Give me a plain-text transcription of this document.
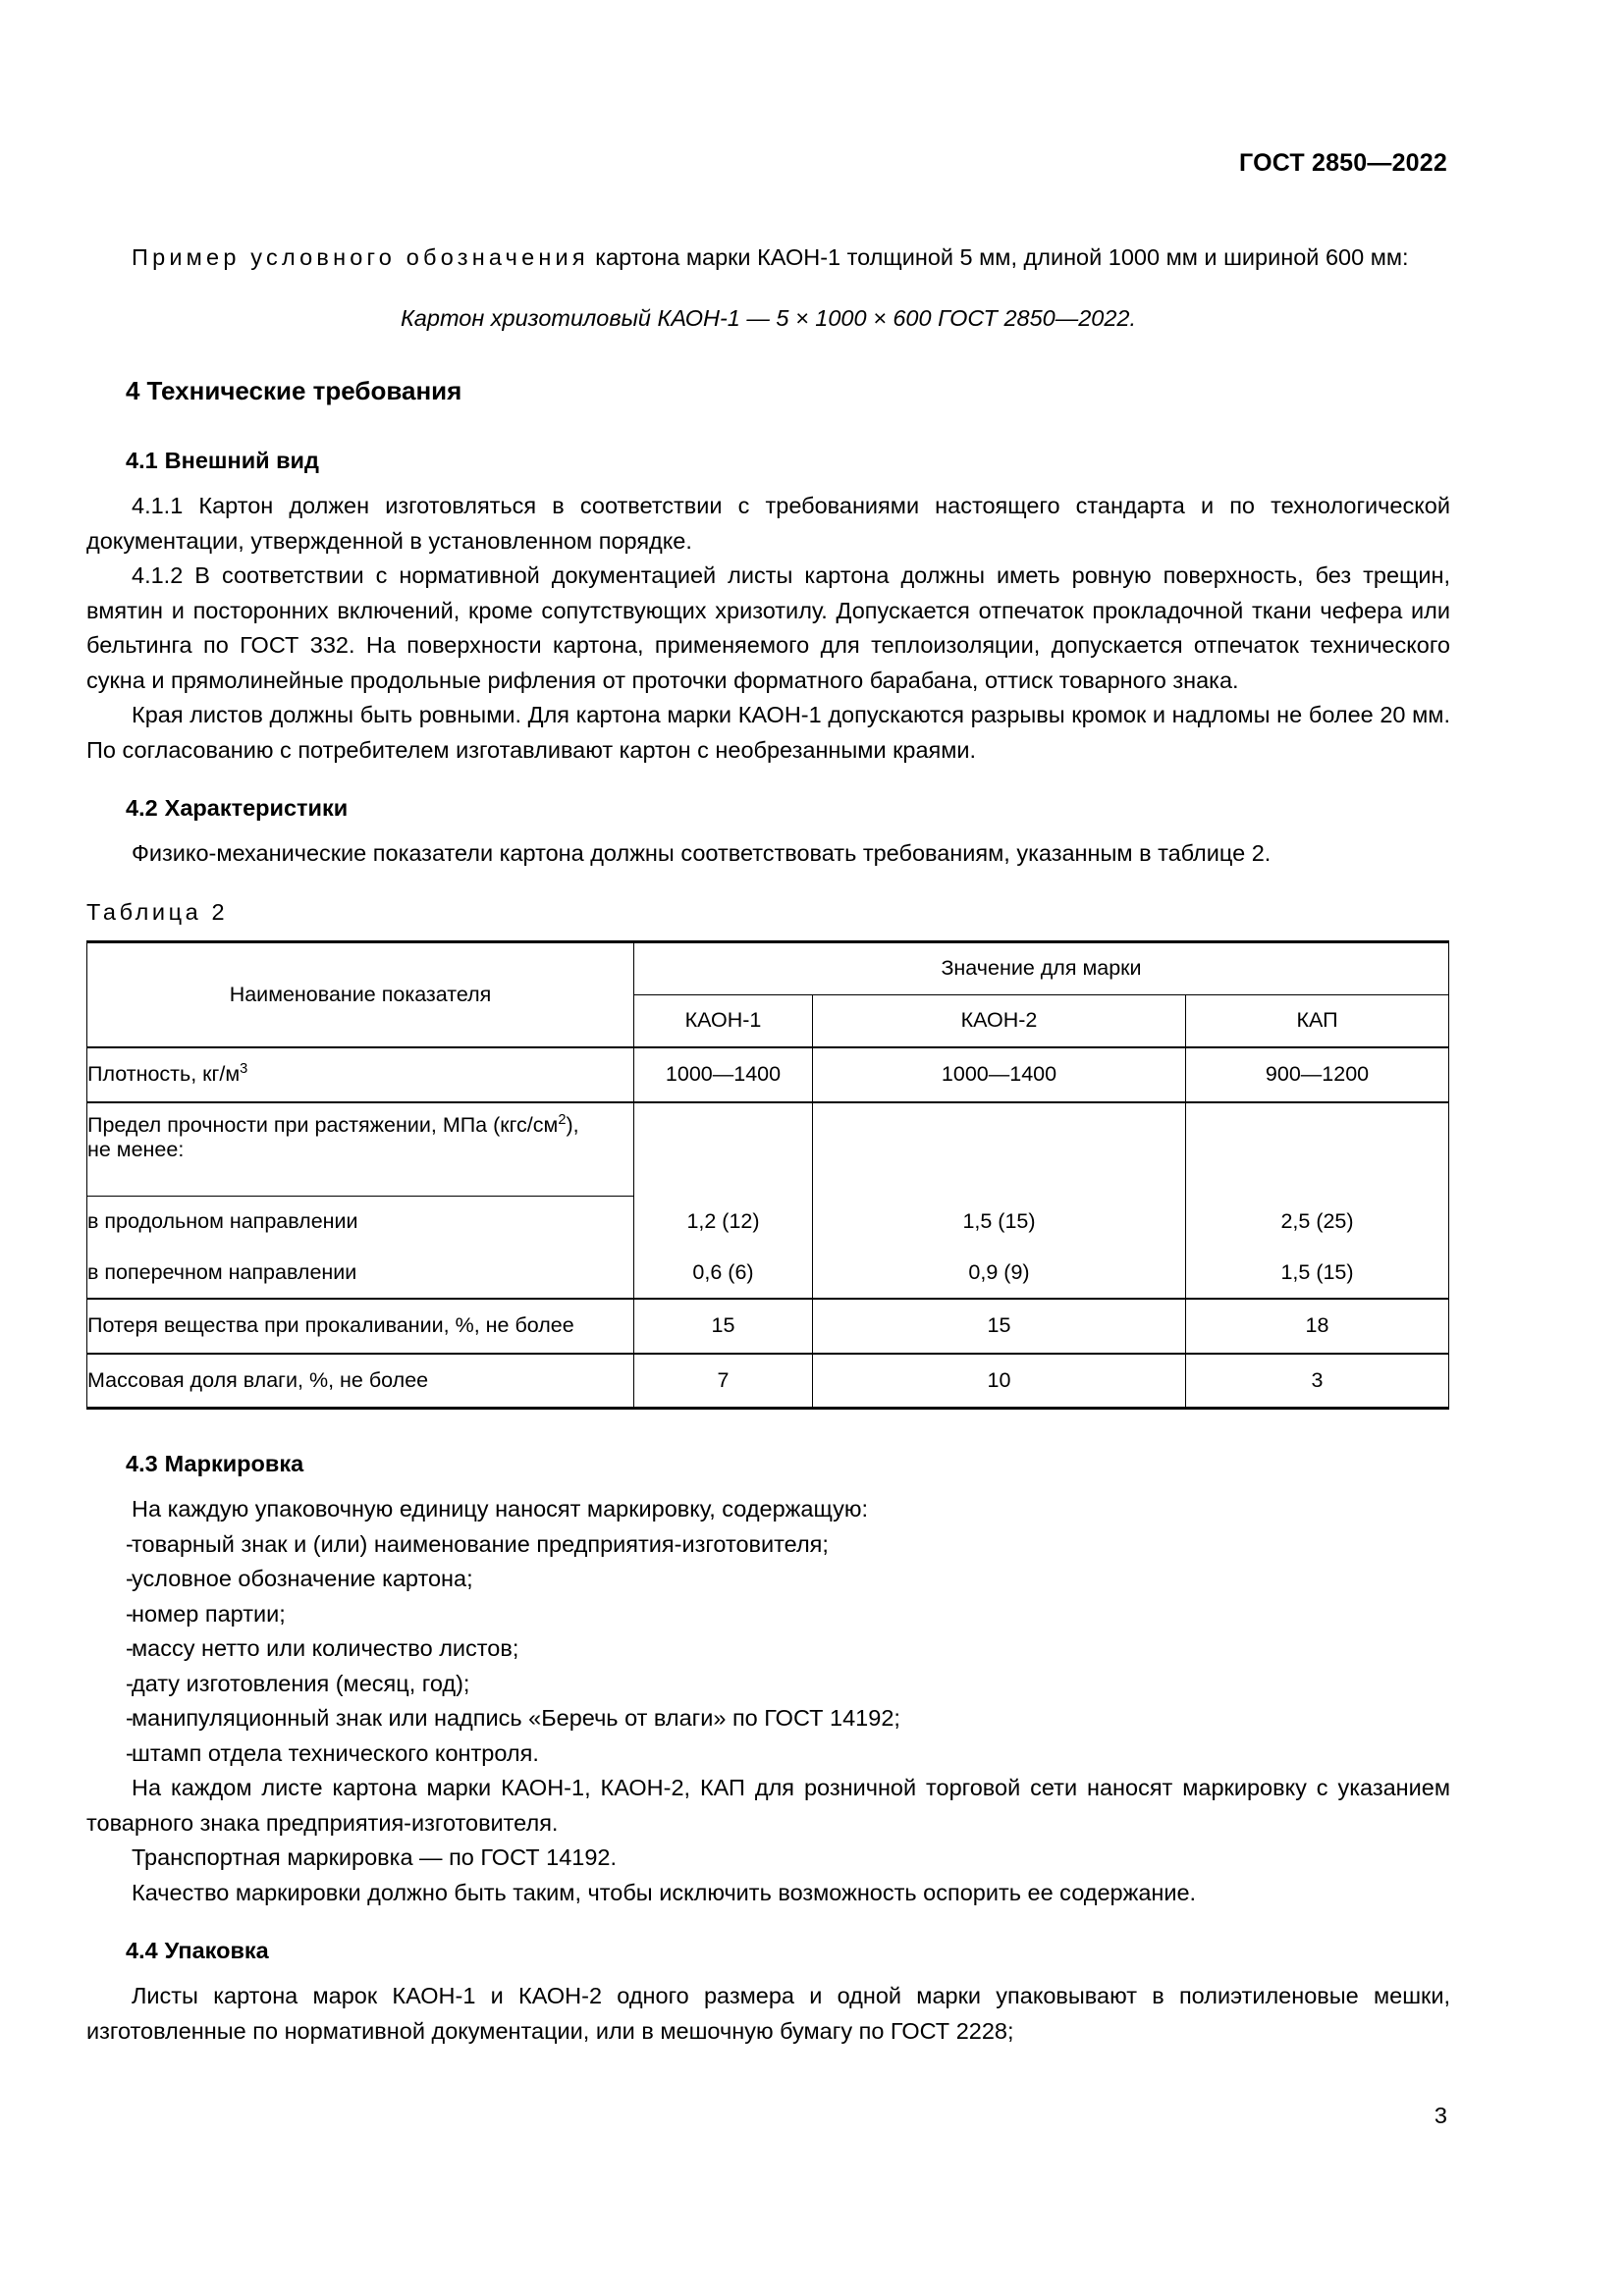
ГОСТ 2850—2022

Пример условного обозначения картона марки КАОН-1 толщиной 5 мм, длиной 1000 мм и шириной 600 мм:

Картон хризотиловый КАОН-1 — 5 × 1000 × 600 ГОСТ 2850—2022.

4 Технические требования
4.1 Внешний вид

4.1.1 Картон должен изготовляться в соответствии с требованиями настоящего стандарта и по технологической документации, утвержденной в установленном порядке.

4.1.2 В соответствии с нормативной документацией листы картона должны иметь ровную поверхность, без трещин, вмятин и посторонних включений, кроме сопутствующих хризотилу. Допускается отпечаток прокладочной ткани чефера или бельтинга по ГОСТ 332. На поверхности картона, применяемого для теплоизоляции, допускается отпечаток технического сукна и прямолинейные продольные рифления от проточки форматного барабана, оттиск товарного знака.

Края листов должны быть ровными. Для картона марки КАОН-1 допускаются разрывы кромок и надломы не более 20 мм. По согласованию с потребителем изготавливают картон с необрезанными краями.

4.2 Характеристики

Физико-механические показатели картона должны соответствовать требованиям, указанным в таблице 2.

Таблица 2

Наименование показателя	Значение для марки		
	КАОН-1	КАОН-2	КАП
Плотность, $кг/м^3$	1000—1400	1000—1400	900—1200
Предел прочности при растяжении, МПа $(кгс/см^2)$,
не менее:			
в продольном направлении	1,2 (12)	1,5 (15)	2,5 (25)
в поперечном направлении	0,6 (6)	0,9 (9)	1,5 (15)
Потеря вещества при прокаливании, %, не более	15	15	18
Массовая доля влаги, %, не более	7	10	3
4.3 Маркировка

На каждую упаковочную единицу наносят маркировку, содержащую:

-
товарный знак и (или) наименование предприятия-изготовителя;
-
условное обозначение картона;
-
номер партии;
-
массу нетто или количество листов;
-
дату изготовления (месяц, год);
-
манипуляционный знак или надпись «Беречь от влаги» по ГОСТ 14192;
-
штамп отдела технического контроля.

На каждом листе картона марки КАОН-1, КАОН-2, КАП для розничной торговой сети наносят маркировку с указанием товарного знака предприятия-изготовителя.

Транспортная маркировка — по ГОСТ 14192.

Качество маркировки должно быть таким, чтобы исключить возможность оспорить ее содержание.

4.4 Упаковка

Листы картона марок КАОН-1 и КАОН-2 одного размера и одной марки упаковывают в полиэтиленовые мешки, изготовленные по нормативной документации, или в мешочную бумагу по ГОСТ 2228;

3
